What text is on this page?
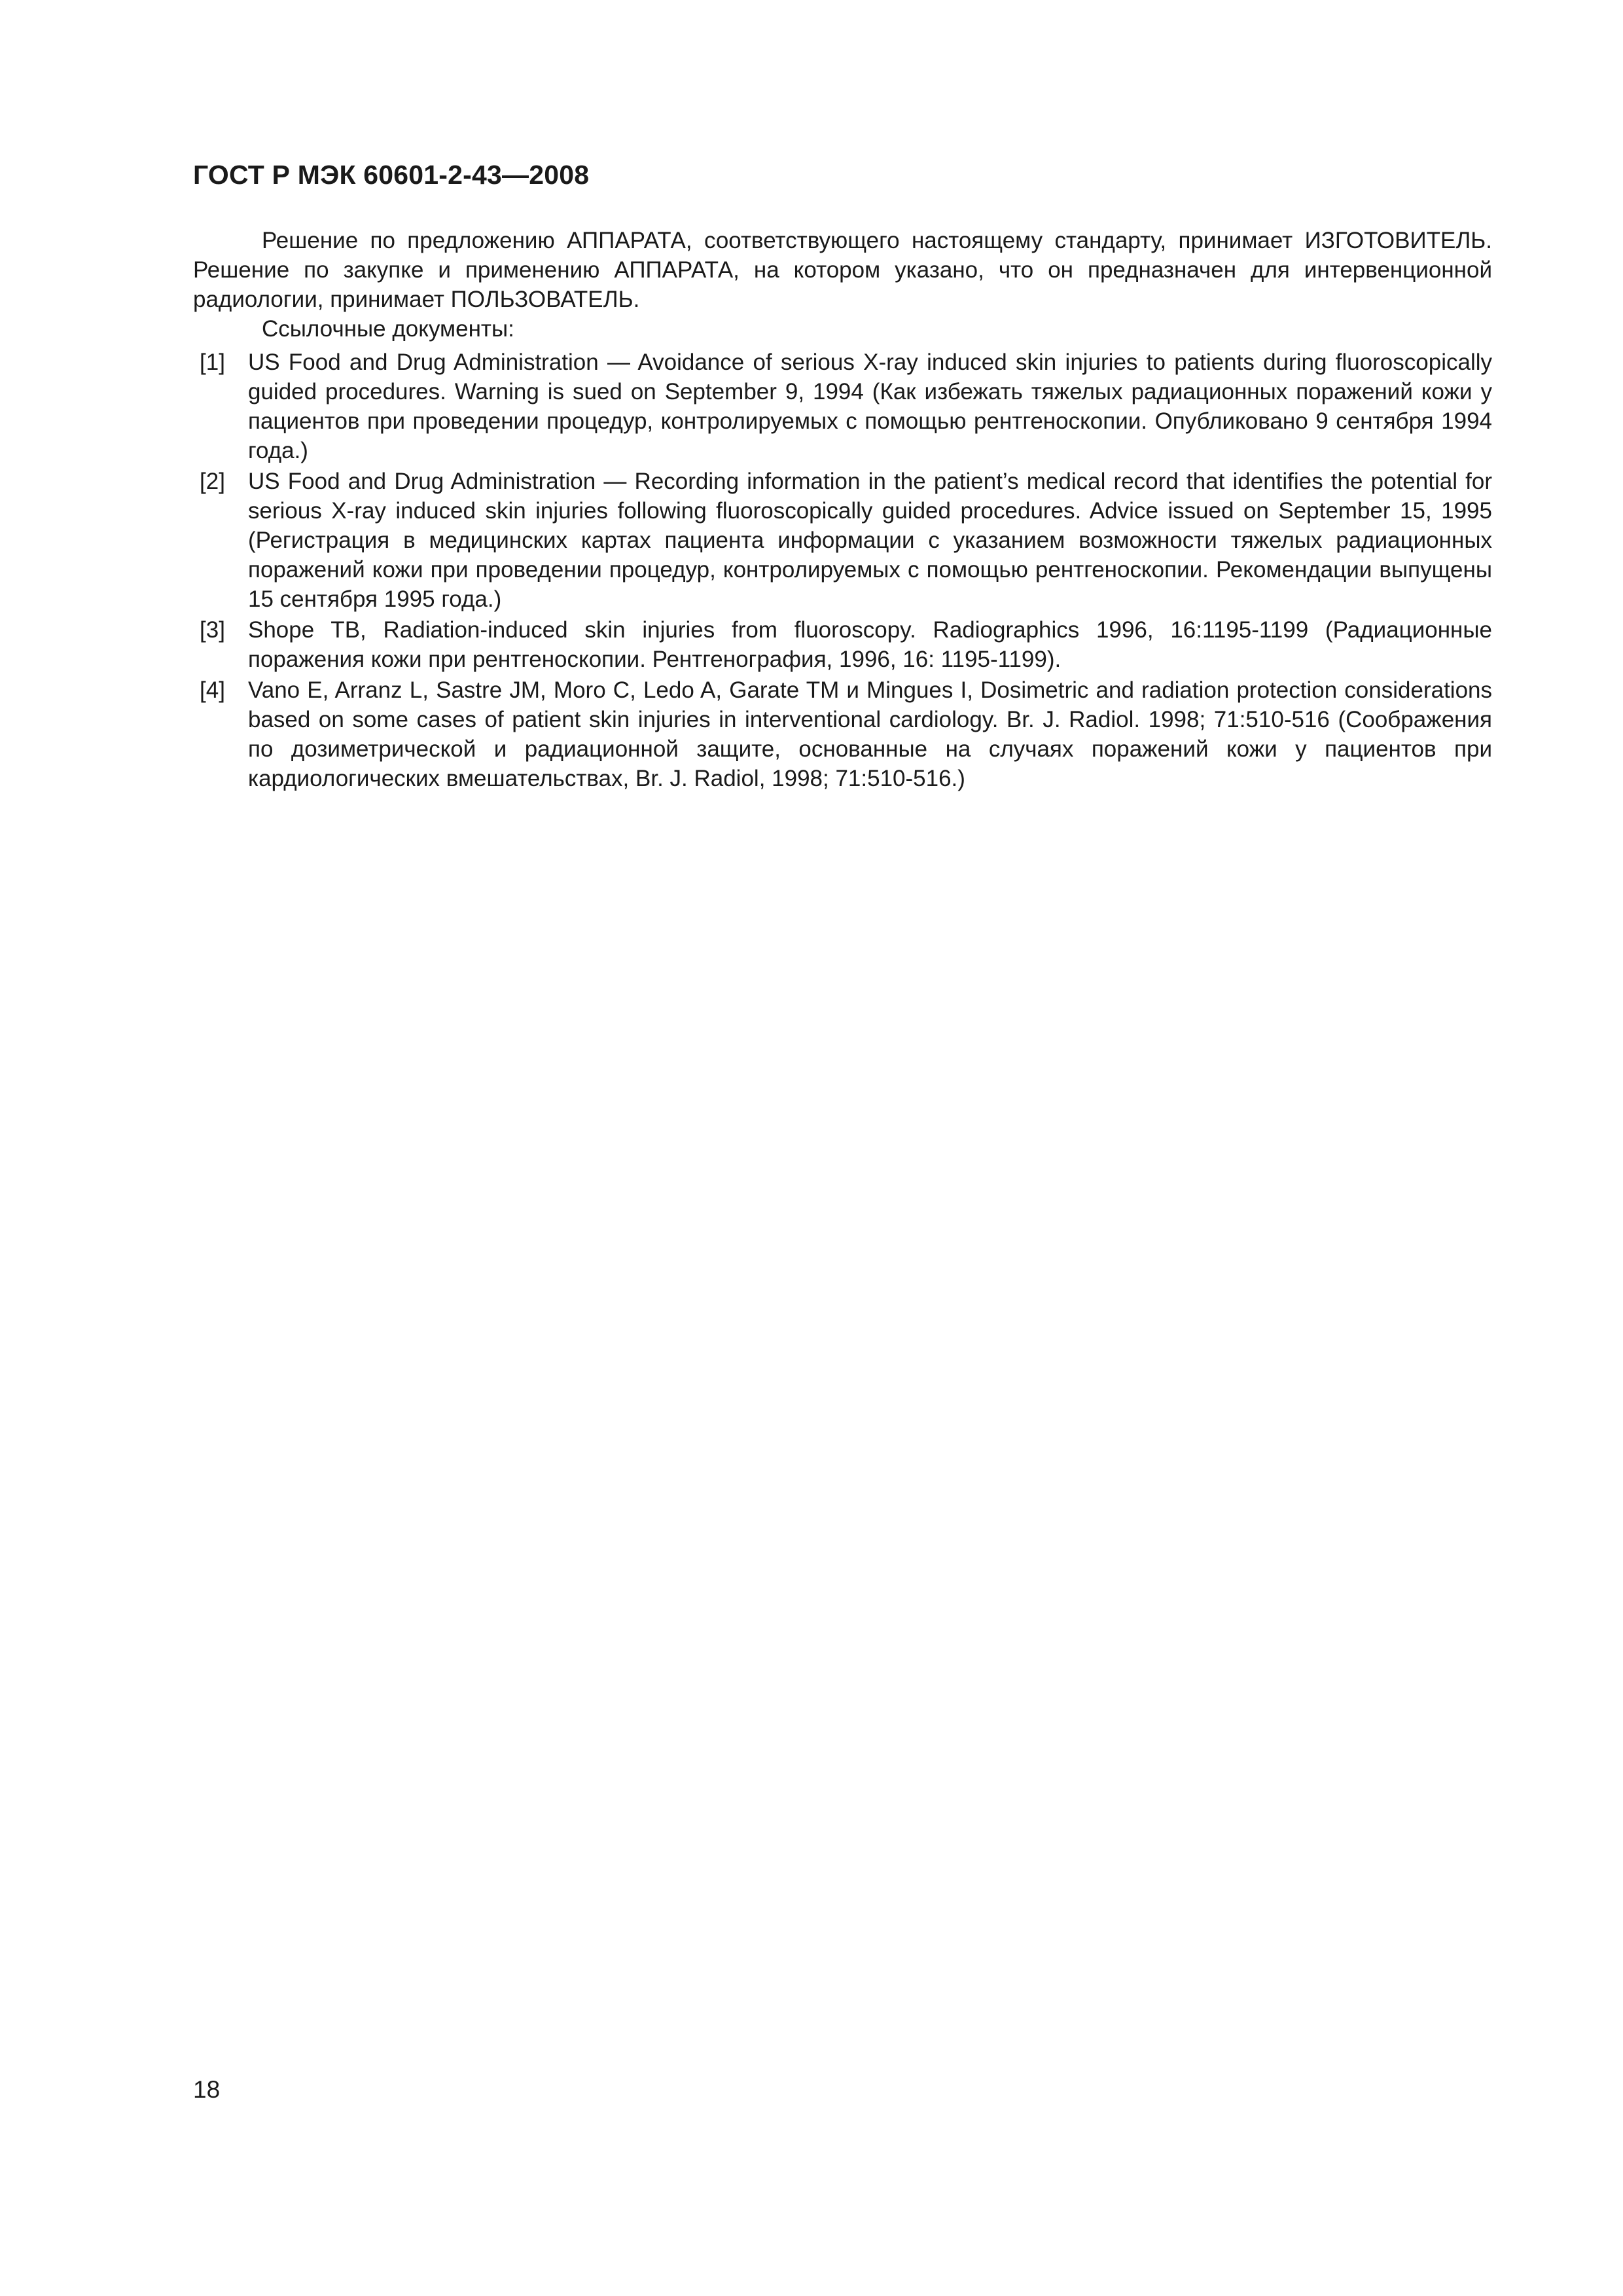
ГОСТ Р МЭК 60601-2-43—2008

Решение по предложению АППАРАТА, соответствующего настоящему стандарту, принимает ИЗГОТОВИТЕЛЬ. Решение по закупке и применению АППАРАТА, на котором указано, что он предназначен для интервенционной радиологии, принимает ПОЛЬЗОВАТЕЛЬ.

Ссылочные документы:

[1]	US Food and Drug Administration — Avoidance of serious X-ray induced skin injuries to patients during fluoroscopically guided procedures. Warning is sued on September 9, 1994 (Как избежать тяжелых радиационных поражений кожи у пациентов при проведении процедур, контролируемых с помощью рентгеноскопии. Опубликовано 9 сентября 1994 года.)
[2]	US Food and Drug Administration — Recording information in the patient’s medical record that identifies the potential for serious X-ray induced skin injuries following fluoroscopically guided procedures. Advice issued on September 15, 1995 (Регистрация в медицинских картах пациента информации с указанием возможности тяжелых радиационных поражений кожи при проведении процедур, контролируемых с помощью рентгеноскопии. Рекомендации выпущены 15 сентября 1995 года.)
[3]	Shope TB, Radiation-induced skin injuries from fluoroscopy. Radiographics 1996, 16:1195-1199 (Радиационные поражения кожи при рентгеноскопии. Рентгенография, 1996, 16: 1195-1199).
[4]	Vano E, Arranz L, Sastre JM, Moro C, Ledo A, Garate TM и Mingues I, Dosimetric and radiation protection considerations based on some cases of patient skin injuries in interventional cardiology. Br. J. Radiol. 1998; 71:510-516 (Соображения по дозиметрической и радиационной защите, основанные на случаях поражений кожи у пациентов при кардиологических вмешательствах, Br. J. Radiol, 1998; 71:510-516.)
18
